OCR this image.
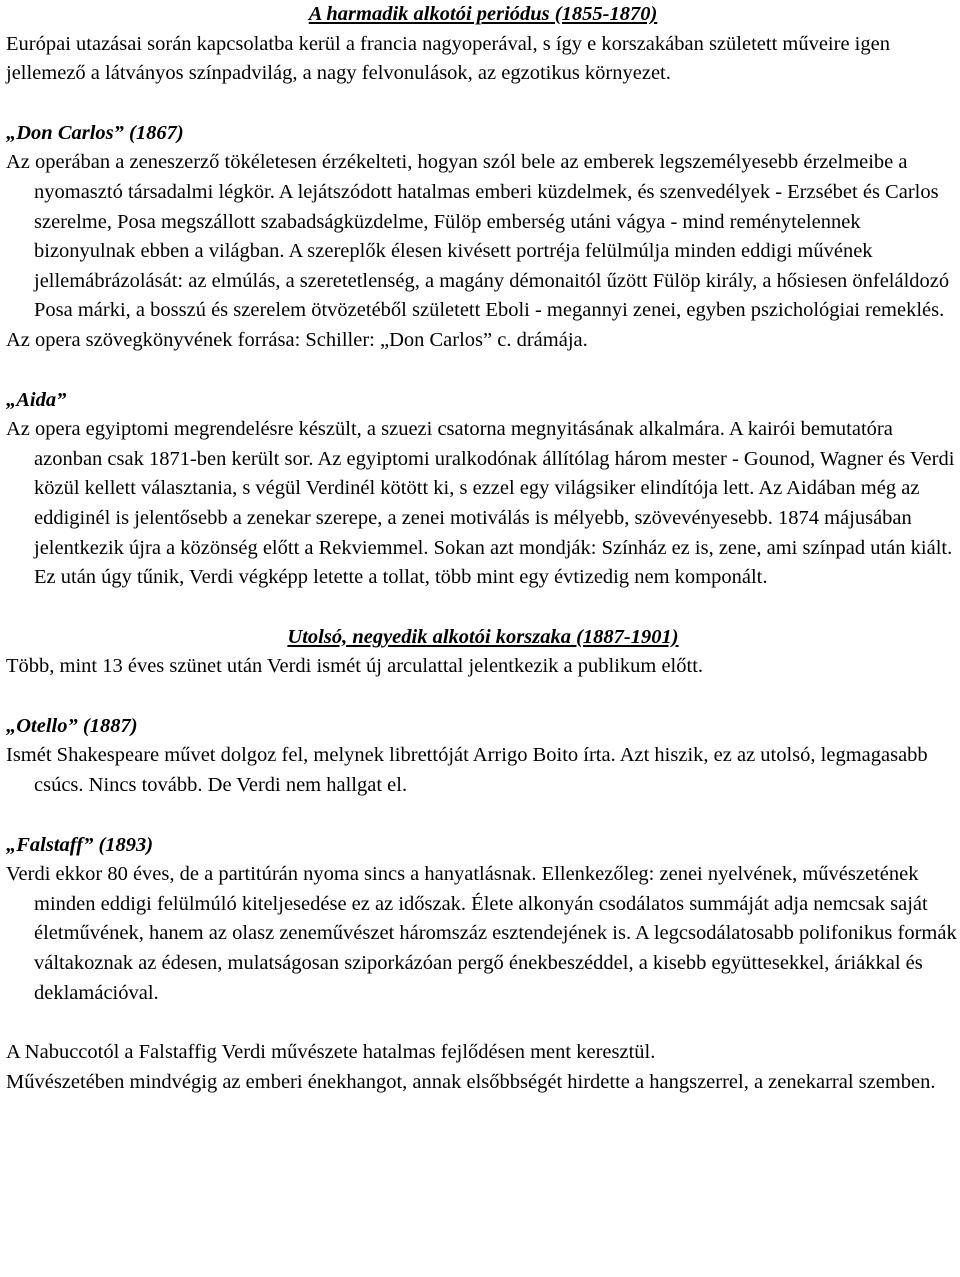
A harmadik alkotói periódus (1855-1870)

Európai utazásai során kapcsolatba kerül a francia nagyoperával, s így e korszakában született műveire igen jellemező a látványos színpadvilág, a nagy felvonulások, az egzotikus környezet.

„Don Carlos” (1867)

Az operában a zeneszerző tökéletesen érzékelteti, hogyan szól bele az emberek legszemélyesebb érzelmeibe a nyomasztó társadalmi légkör. A lejátszódott hatalmas emberi küzdelmek, és szenvedélyek - Erzsébet és Carlos szerelme, Posa megszállott szabadságküzdelme, Fülöp emberség utáni vágya - mind reménytelennek bizonyulnak ebben a világban. A szereplők élesen kivésett portréja felülmúlja minden eddigi művének jellemábrázolását: az elmúlás, a szeretetlenség, a magány démonaitól űzött Fülöp király, a hősiesen önfeláldozó Posa márki, a bosszú és szerelem ötvözetéből született Eboli - megannyi zenei, egyben pszichológiai remeklés.

Az opera szövegkönyvének forrása: Schiller: „Don Carlos” c. drámája.

„Aida”

Az opera egyiptomi megrendelésre készült, a szuezi csatorna megnyitásának alkalmára. A kairói bemutatóra azonban csak 1871-ben került sor. Az egyiptomi uralkodónak állítólag három mester - Gounod, Wagner és Verdi közül kellett választania, s végül Verdinél kötött ki, s ezzel egy világsiker elindítója lett. Az Aidában még az eddiginél is jelentősebb a zenekar szerepe, a zenei motiválás is mélyebb, szövevényesebb. 1874 májusában jelentkezik újra a közönség előtt a Rekviemmel. Sokan azt mondják: Színház ez is, zene, ami színpad után kiált. Ez után úgy tűnik, Verdi végképp letette a tollat, több mint egy évtizedig nem komponált.

Utolsó, negyedik alkotói korszaka (1887-1901)

Több, mint 13 éves szünet után Verdi ismét új arculattal jelentkezik a publikum előtt.

„Otello” (1887)

Ismét Shakespeare művet dolgoz fel, melynek librettóját Arrigo Boito írta. Azt hiszik, ez az utolsó, legmagasabb csúcs. Nincs tovább. De Verdi nem hallgat el.

„Falstaff” (1893)

Verdi ekkor 80 éves, de a partitúrán nyoma sincs a hanyatlásnak. Ellenkezőleg: zenei nyelvének, művészetének minden eddigi felülmúló kiteljesedése ez az időszak. Élete alkonyán csodálatos summáját adja nemcsak saját életművének, hanem az olasz zeneművészet háromszáz esztendejének is. A legcsodálatosabb polifonikus formák váltakoznak az édesen, mulatságosan sziporkázóan pergő énekbeszéddel, a kisebb együttesekkel, áriákkal és deklamációval.

A Nabuccotól a Falstaffig Verdi művészete hatalmas fejlődésen ment keresztül.

Művészetében mindvégig az emberi énekhangot, annak elsőbbségét hirdette a hangszerrel, a zenekarral szemben.
